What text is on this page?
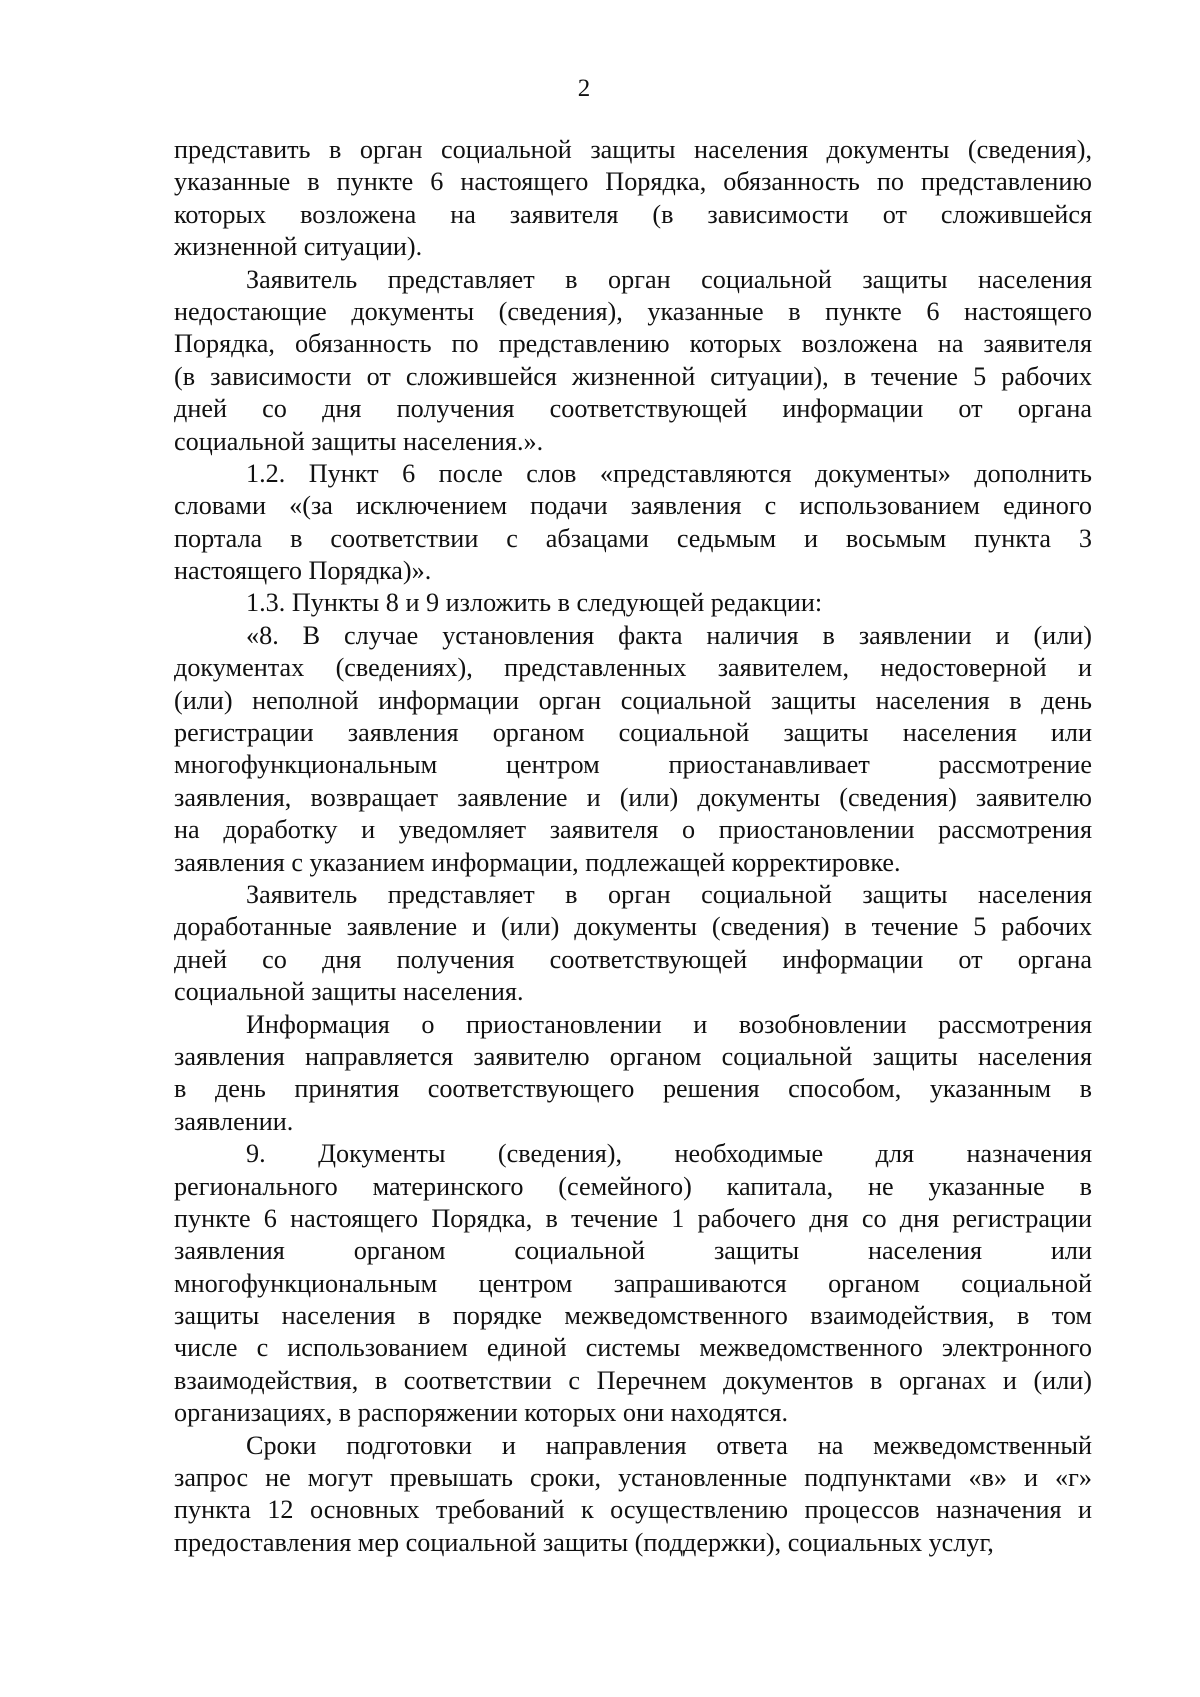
2
представить в орган социальной защиты населения документы (сведения),
указанные в пункте 6 настоящего Порядка, обязанность по представлению
которых возложена на заявителя (в зависимости от сложившейся
жизненной ситуации).
Заявитель представляет в орган социальной защиты населения
недостающие документы (сведения), указанные в пункте 6 настоящего
Порядка, обязанность по представлению которых возложена на заявителя
(в зависимости от сложившейся жизненной ситуации), в течение 5 рабочих
дней со дня получения соответствующей информации от органа
социальной защиты населения.».
1.2. Пункт 6 после слов «представляются документы» дополнить
словами «(за исключением подачи заявления с использованием единого
портала в соответствии с абзацами седьмым и восьмым пункта 3
настоящего Порядка)».
1.3. Пункты 8 и 9 изложить в следующей редакции:
«8. В случае установления факта наличия в заявлении и (или)
документах (сведениях), представленных заявителем, недостоверной и
(или) неполной информации орган социальной защиты населения в день
регистрации заявления органом социальной защиты населения или
многофункциональным центром приостанавливает рассмотрение
заявления, возвращает заявление и (или) документы (сведения) заявителю
на доработку и уведомляет заявителя о приостановлении рассмотрения
заявления с указанием информации, подлежащей корректировке.
Заявитель представляет в орган социальной защиты населения
доработанные заявление и (или) документы (сведения) в течение 5 рабочих
дней со дня получения соответствующей информации от органа
социальной защиты населения.
Информация о приостановлении и возобновлении рассмотрения
заявления направляется заявителю органом социальной защиты населения
в день принятия соответствующего решения способом, указанным в
заявлении.
9. Документы (сведения), необходимые для назначения
регионального материнского (семейного) капитала, не указанные в
пункте 6 настоящего Порядка, в течение 1 рабочего дня со дня регистрации
заявления органом социальной защиты населения или
многофункциональным центром запрашиваются органом социальной
защиты населения в порядке межведомственного взаимодействия, в том
числе с использованием единой системы межведомственного электронного
взаимодействия, в соответствии с Перечнем документов в органах и (или)
организациях, в распоряжении которых они находятся.
Сроки подготовки и направления ответа на межведомственный
запрос не могут превышать сроки, установленные подпунктами «в» и «г»
пункта 12 основных требований к осуществлению процессов назначения и
предоставления мер социальной защиты (поддержки), социальных услуг,
